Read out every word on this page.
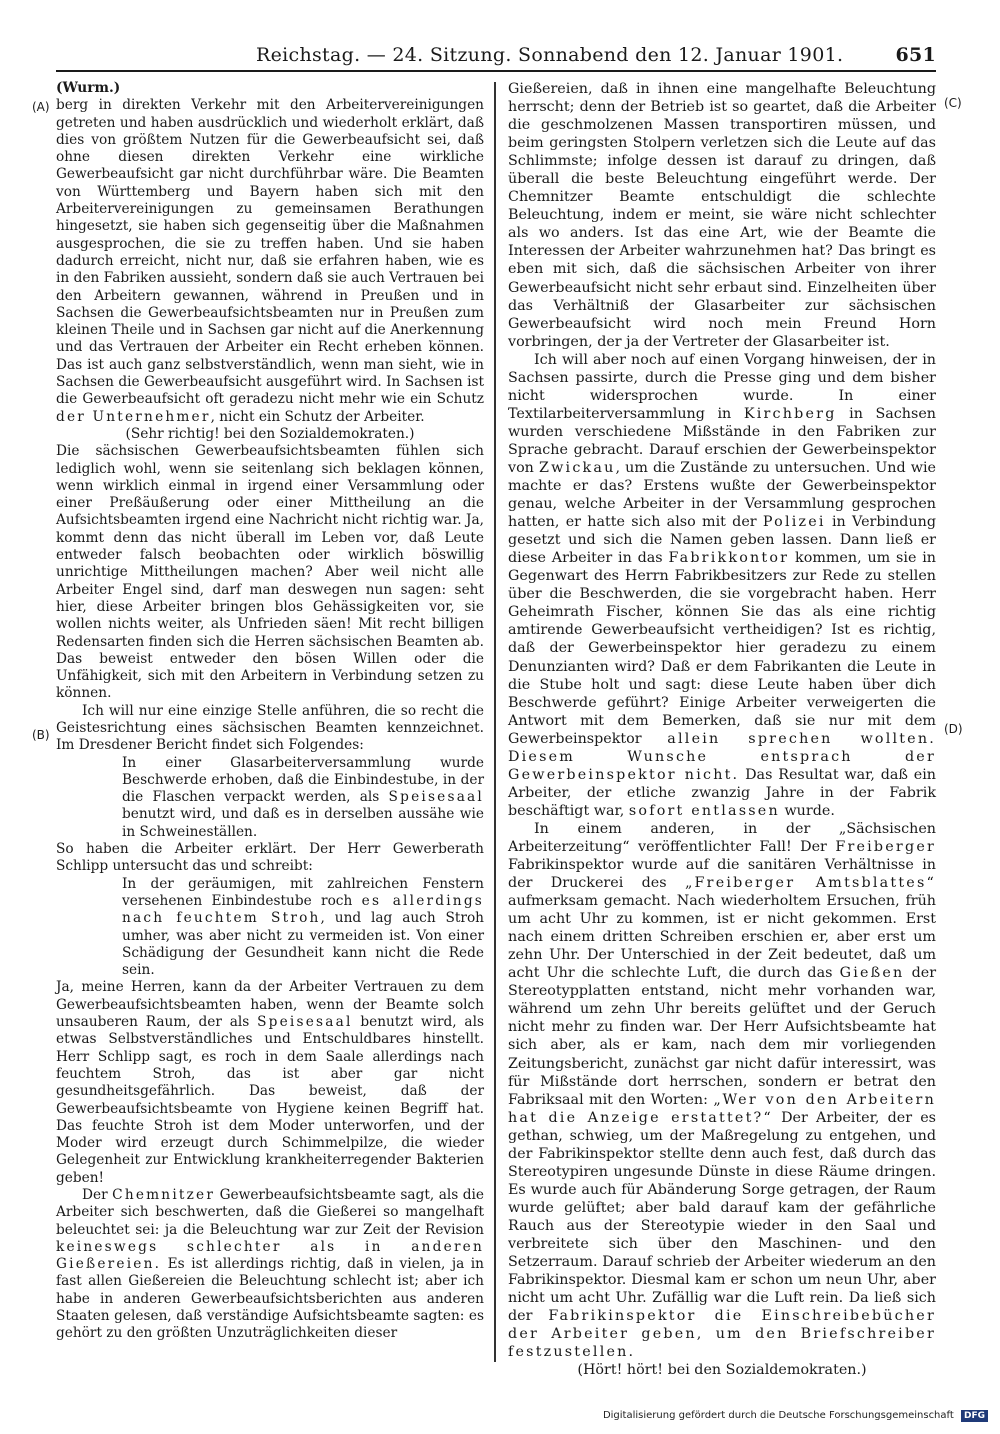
Reichstag. — 24. Sitzung. Sonnabend den 12. Januar 1901.	651
(A)
(B)
(C)
(D)

(Wurm.)

berg in direkten Verkehr mit den Arbeitervereinigungen getreten und haben ausdrücklich und wiederholt erklärt, daß dies von größtem Nutzen für die Gewerbeaufsicht sei, daß ohne diesen direkten Verkehr eine wirkliche Gewerbeaufsicht gar nicht durchführbar wäre. Die Beamten von Württemberg und Bayern haben sich mit den Arbeitervereinigungen zu gemeinsamen Berathungen hingesetzt, sie haben sich gegenseitig über die Maßnahmen ausgesprochen, die sie zu treffen haben. Und sie haben dadurch erreicht, nicht nur, daß sie erfahren haben, wie es in den Fabriken aussieht, sondern daß sie auch Vertrauen bei den Arbeitern gewannen, während in Preußen und in Sachsen die Gewerbeaufsichtsbeamten nur in Preußen zum kleinen Theile und in Sachsen gar nicht auf die Anerkennung und das Vertrauen der Arbeiter ein Recht erheben können. Das ist auch ganz selbstverständlich, wenn man sieht, wie in Sachsen die Gewerbeaufsicht ausgeführt wird. In Sachsen ist die Gewerbeaufsicht oft geradezu nicht mehr wie ein Schutz der Unternehmer, nicht ein Schutz der Arbeiter.

(Sehr richtig! bei den Sozialdemokraten.)

Die sächsischen Gewerbeaufsichtsbeamten fühlen sich lediglich wohl, wenn sie seitenlang sich beklagen können, wenn wirklich einmal in irgend einer Versammlung oder einer Preßäußerung oder einer Mittheilung an die Aufsichtsbeamten irgend eine Nachricht nicht richtig war. Ja, kommt denn das nicht überall im Leben vor, daß Leute entweder falsch beobachten oder wirklich böswillig unrichtige Mittheilungen machen? Aber weil nicht alle Arbeiter Engel sind, darf man deswegen nun sagen: seht hier, diese Arbeiter bringen blos Gehässigkeiten vor, sie wollen nichts weiter, als Unfrieden säen! Mit recht billigen Redensarten finden sich die Herren sächsischen Beamten ab. Das beweist entweder den bösen Willen oder die Unfähigkeit, sich mit den Arbeitern in Verbindung setzen zu können.

Ich will nur eine einzige Stelle anführen, die so recht die Geistesrichtung eines sächsischen Beamten kennzeichnet. Im Dresdener Bericht findet sich Folgendes:

In einer Glasarbeiterversammlung wurde Beschwerde erhoben, daß die Einbindestube, in der die Flaschen verpackt werden, als Speisesaal benutzt wird, und daß es in derselben aussähe wie in Schweineställen.

So haben die Arbeiter erklärt. Der Herr Gewerberath Schlipp untersucht das und schreibt:

In der geräumigen, mit zahlreichen Fenstern versehenen Einbindestube roch es allerdings nach feuchtem Stroh, und lag auch Stroh umher, was aber nicht zu vermeiden ist. Von einer Schädigung der Gesundheit kann nicht die Rede sein.

Ja, meine Herren, kann da der Arbeiter Vertrauen zu dem Gewerbeaufsichtsbeamten haben, wenn der Beamte solch unsauberen Raum, der als Speisesaal benutzt wird, als etwas Selbstverständliches und Entschuldbares hinstellt. Herr Schlipp sagt, es roch in dem Saale allerdings nach feuchtem Stroh, das ist aber gar nicht gesundheitsgefährlich. Das beweist, daß der Gewerbeaufsichtsbeamte von Hygiene keinen Begriff hat. Das feuchte Stroh ist dem Moder unterworfen, und der Moder wird erzeugt durch Schimmelpilze, die wieder Gelegenheit zur Entwicklung krankheiterregender Bakterien geben!

Der Chemnitzer Gewerbeaufsichtsbeamte sagt, als die Arbeiter sich beschwerten, daß die Gießerei so mangelhaft beleuchtet sei: ja die Beleuchtung war zur Zeit der Revision keineswegs schlechter als in anderen Gießereien. Es ist allerdings richtig, daß in vielen, ja in fast allen Gießereien die Beleuchtung schlecht ist; aber ich habe in anderen Gewerbeaufsichtsberichten aus anderen Staaten gelesen, daß verständige Aufsichtsbeamte sagten: es gehört zu den größten Unzuträglichkeiten dieser

Gießereien, daß in ihnen eine mangelhafte Beleuchtung herrscht; denn der Betrieb ist so geartet, daß die Arbeiter die geschmolzenen Massen transportiren müssen, und beim geringsten Stolpern verletzen sich die Leute auf das Schlimmste; infolge dessen ist darauf zu dringen, daß überall die beste Beleuchtung eingeführt werde. Der Chemnitzer Beamte entschuldigt die schlechte Beleuchtung, indem er meint, sie wäre nicht schlechter als wo anders. Ist das eine Art, wie der Beamte die Interessen der Arbeiter wahrzunehmen hat? Das bringt es eben mit sich, daß die sächsischen Arbeiter von ihrer Gewerbeaufsicht nicht sehr erbaut sind. Einzelheiten über das Verhältniß der Glasarbeiter zur sächsischen Gewerbeaufsicht wird noch mein Freund Horn vorbringen, der ja der Vertreter der Glasarbeiter ist.

Ich will aber noch auf einen Vorgang hinweisen, der in Sachsen passirte, durch die Presse ging und dem bisher nicht widersprochen wurde. In einer Textilarbeiterversammlung in Kirchberg in Sachsen wurden verschiedene Mißstände in den Fabriken zur Sprache gebracht. Darauf erschien der Gewerbeinspektor von Zwickau, um die Zustände zu untersuchen. Und wie machte er das? Erstens wußte der Gewerbeinspektor genau, welche Arbeiter in der Versammlung gesprochen hatten, er hatte sich also mit der Polizei in Verbindung gesetzt und sich die Namen geben lassen. Dann ließ er diese Arbeiter in das Fabrikkontor kommen, um sie in Gegenwart des Herrn Fabrikbesitzers zur Rede zu stellen über die Beschwerden, die sie vorgebracht haben. Herr Geheimrath Fischer, können Sie das als eine richtig amtirende Gewerbeaufsicht vertheidigen? Ist es richtig, daß der Gewerbeinspektor hier geradezu zu einem Denunzianten wird? Daß er dem Fabrikanten die Leute in die Stube holt und sagt: diese Leute haben über dich Beschwerde geführt? Einige Arbeiter verweigerten die Antwort mit dem Bemerken, daß sie nur mit dem Gewerbeinspektor allein sprechen wollten. Diesem Wunsche entsprach der Gewerbeinspektor nicht. Das Resultat war, daß ein Arbeiter, der etliche zwanzig Jahre in der Fabrik beschäftigt war, sofort entlassen wurde.

In einem anderen, in der „Sächsischen Arbeiterzeitung“ veröffentlichter Fall! Der Freiberger Fabrikinspektor wurde auf die sanitären Verhältnisse in der Druckerei des „Freiberger Amtsblattes“ aufmerksam gemacht. Nach wiederholtem Ersuchen, früh um acht Uhr zu kommen, ist er nicht gekommen. Erst nach einem dritten Schreiben erschien er, aber erst um zehn Uhr. Der Unterschied in der Zeit bedeutet, daß um acht Uhr die schlechte Luft, die durch das Gießen der Stereotypplatten entstand, nicht mehr vorhanden war, während um zehn Uhr bereits gelüftet und der Geruch nicht mehr zu finden war. Der Herr Aufsichtsbeamte hat sich aber, als er kam, nach dem mir vorliegenden Zeitungsbericht, zunächst gar nicht dafür interessirt, was für Mißstände dort herrschen, sondern er betrat den Fabriksaal mit den Worten: „Wer von den Arbeitern hat die Anzeige erstattet?“ Der Arbeiter, der es gethan, schwieg, um der Maßregelung zu entgehen, und der Fabrikinspektor stellte denn auch fest, daß durch das Stereotypiren ungesunde Dünste in diese Räume dringen. Es wurde auch für Abänderung Sorge getragen, der Raum wurde gelüftet; aber bald darauf kam der gefährliche Rauch aus der Stereotypie wieder in den Saal und verbreitete sich über den Maschinen- und den Setzerraum. Darauf schrieb der Arbeiter wiederum an den Fabrikinspektor. Diesmal kam er schon um neun Uhr, aber nicht um acht Uhr. Zufällig war die Luft rein. Da ließ sich der Fabrikinspektor die Einschreibebücher der Arbeiter geben, um den Briefschreiber festzustellen.

(Hört! hört! bei den Sozialdemokraten.)

Digitalisierung gefördert durch die Deutsche Forschungsgemeinschaft DFG
